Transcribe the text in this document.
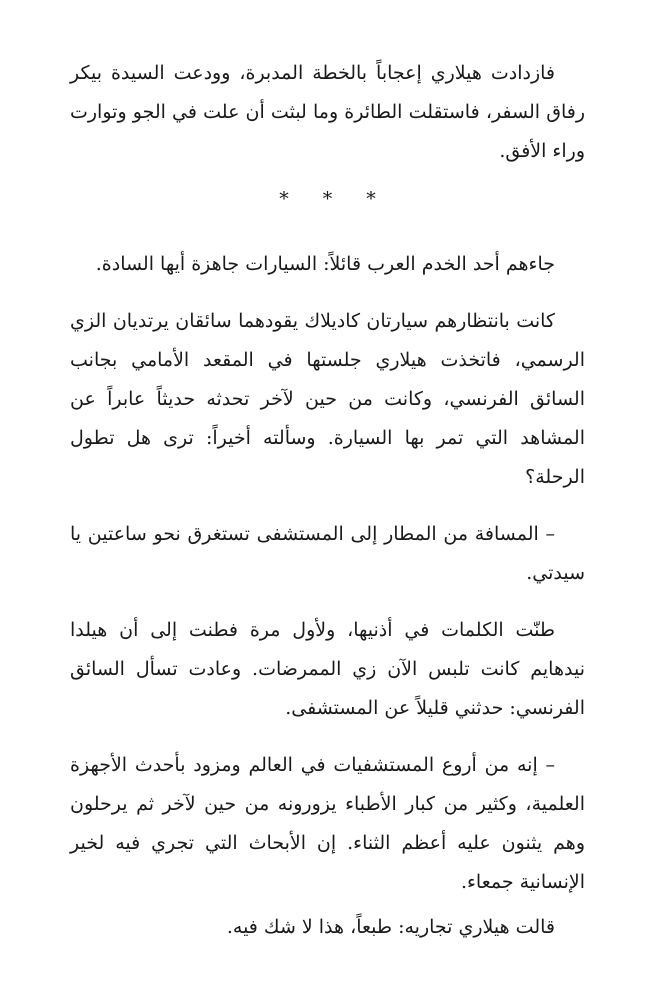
فازدادت هيلاري إعجاباً بالخطة المدبرة، وودعت السيدة بيكر رفاق السفر، فاستقلت الطائرة وما لبثت أن علت في الجو وتوارت وراء الأفق.

* * *

جاءهم أحد الخدم العرب قائلاً: السيارات جاهزة أيها السادة.

كانت بانتظارهم سيارتان كاديلاك يقودهما سائقان يرتديان الزي الرسمي، فاتخذت هيلاري جلستها في المقعد الأمامي بجانب السائق الفرنسي، وكانت من حين لآخر تحدثه حديثاً عابراً عن المشاهد التي تمر بها السيارة. وسألته أخيراً: ترى هل تطول الرحلة؟

– المسافة من المطار إلى المستشفى تستغرق نحو ساعتين يا سيدتي.

طنّت الكلمات في أذنيها، ولأول مرة فطنت إلى أن هيلدا نيدهايم كانت تلبس الآن زي الممرضات. وعادت تسأل السائق الفرنسي: حدثني قليلاً عن المستشفى.

– إنه من أروع المستشفيات في العالم ومزود بأحدث الأجهزة العلمية، وكثير من كبار الأطباء يزورونه من حين لآخر ثم يرحلون وهم يثنون عليه أعظم الثناء. إن الأبحاث التي تجري فيه لخير الإنسانية جمعاء.

قالت هيلاري تجاريه: طبعاً، هذا لا شك فيه.
